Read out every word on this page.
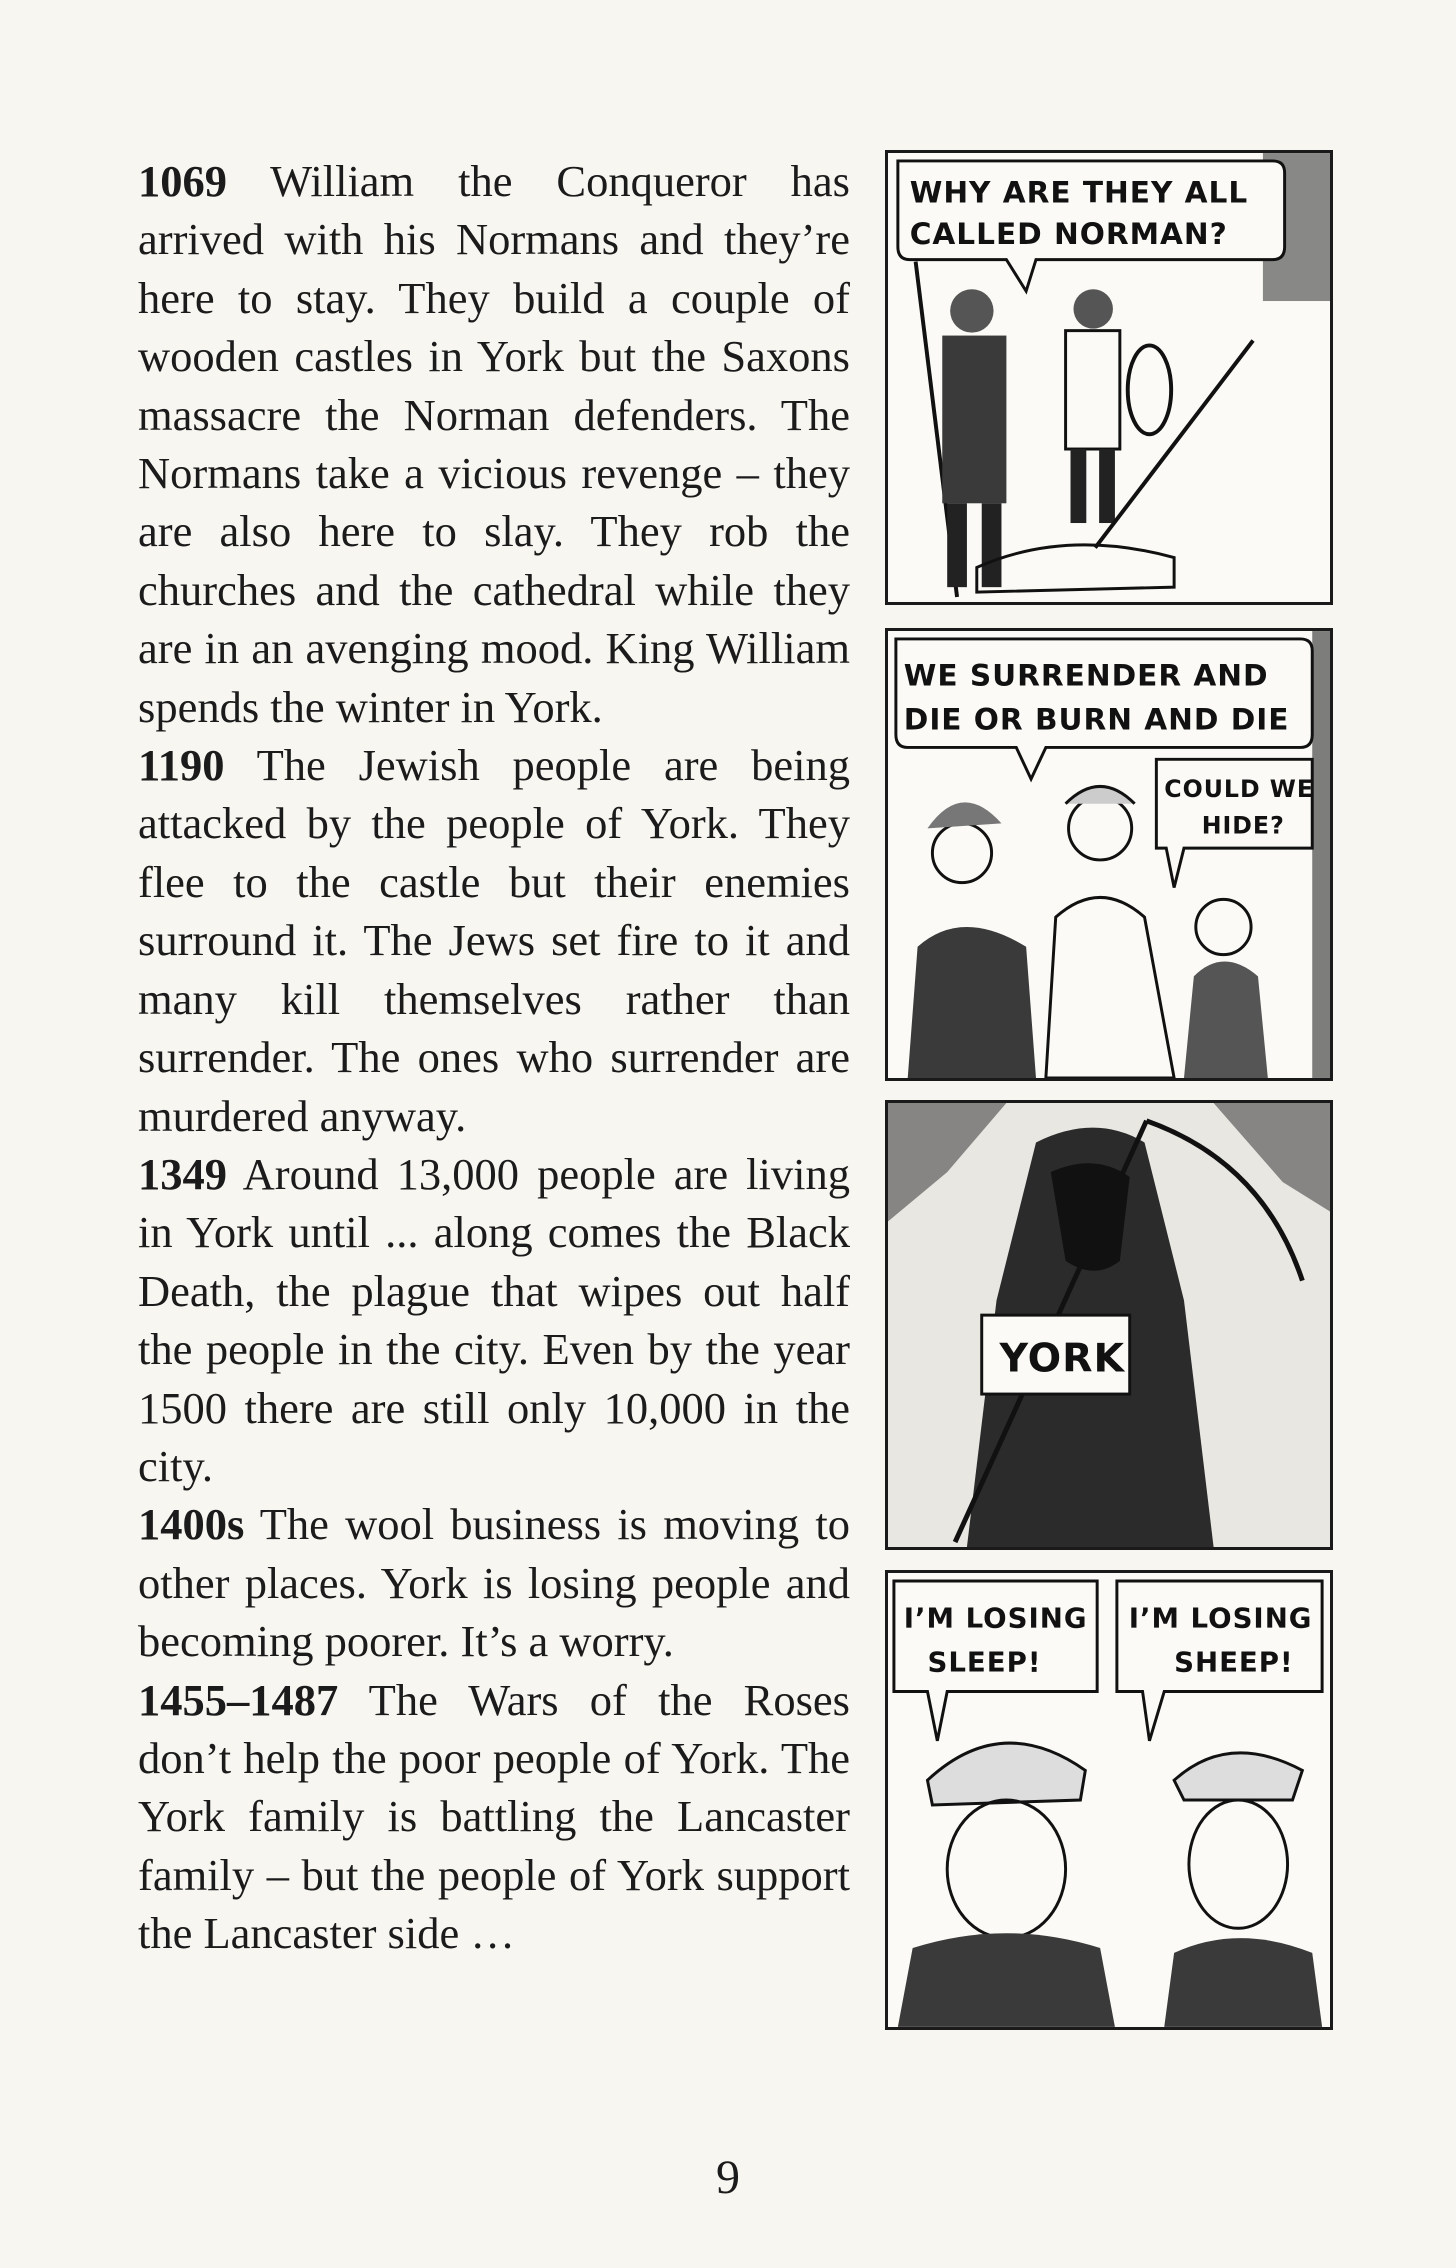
1069 William the Conqueror has arrived with his Normans and they’re here to stay. They build a couple of wooden castles in York but the Saxons massacre the Norman defenders. The Normans take a vicious revenge – they are also here to slay. They rob the churches and the cathedral while they are in an avenging mood. King William spends the winter in York.

1190 The Jewish people are being attacked by the people of York. They flee to the castle but their enemies surround it. The Jews set fire to it and many kill themselves rather than surrender. The ones who surrender are murdered anyway.

1349 Around 13,000 people are living in York until ... along comes the Black Death, the plague that wipes out half the people in the city. Even by the year 1500 there are still only 10,000 in the city.

1400s The wool business is moving to other places. York is losing people and becoming poorer. It’s a worry.

1455–1487 The Wars of the Roses don’t help the poor people of York. The York family is battling the Lancaster family – but the people of York support the Lancaster side …

WHY ARE THEY ALL
CALLED NORMAN?
WE SURRENDER AND
DIE OR BURN AND DIE
COULD WE
HIDE?
YORK
I’M LOSING
SLEEP!
I’M LOSING
SHEEP!
9
